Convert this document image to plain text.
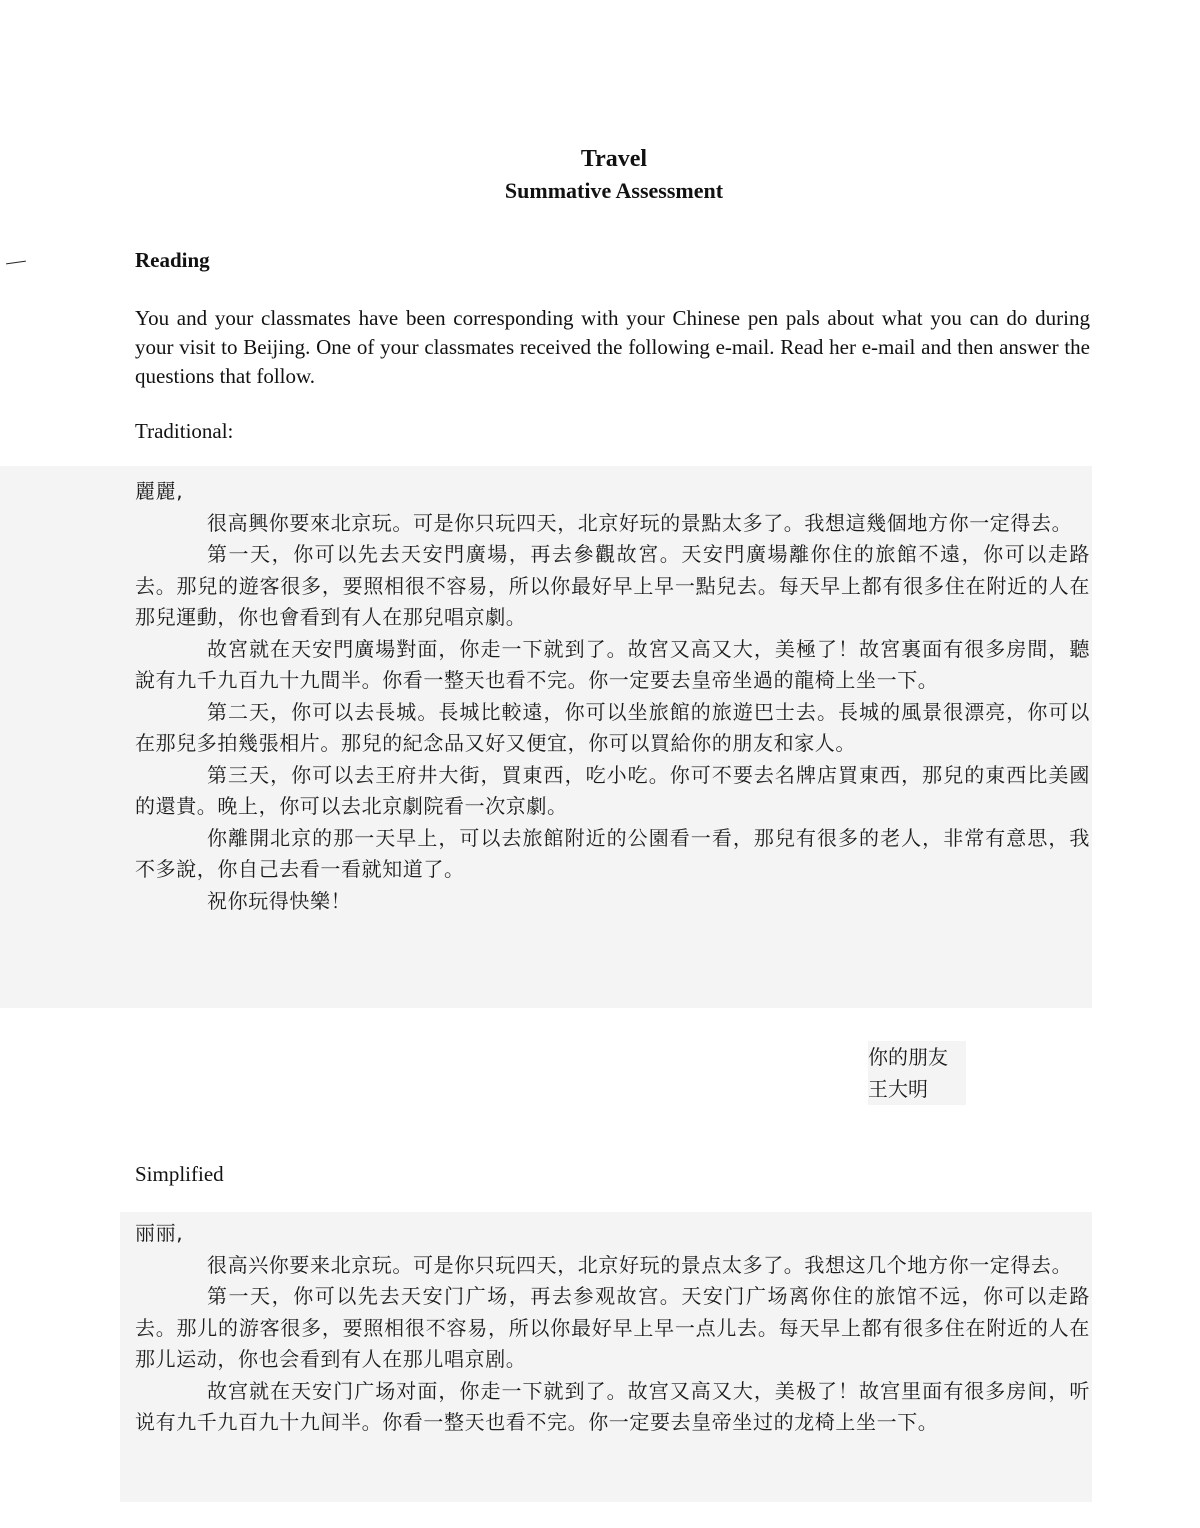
Travel
Summative Assessment
Reading
You and your classmates have been corresponding with your Chinese pen pals about what you can do during your visit to Beijing. One of your classmates received the following e-mail. Read her e-mail and then answer the questions that follow.
Traditional:

麗麗,

很高興你要來北京玩。可是你只玩四天，北京好玩的景點太多了。我想這幾個地方你一定得去。

第一天，你可以先去天安門廣場，再去參觀故宮。天安門廣場離你住的旅館不遠，你可以走路去。那兒的遊客很多，要照相很不容易，所以你最好早上早一點兒去。每天早上都有很多住在附近的人在那兒運動，你也會看到有人在那兒唱京劇。

故宮就在天安門廣場對面，你走一下就到了。故宮又高又大，美極了！故宮裏面有很多房間，聽說有九千九百九十九間半。你看一整天也看不完。你一定要去皇帝坐過的龍椅上坐一下。

第二天，你可以去長城。長城比較遠，你可以坐旅館的旅遊巴士去。長城的風景很漂亮，你可以在那兒多拍幾張相片。那兒的紀念品又好又便宜，你可以買給你的朋友和家人。

第三天，你可以去王府井大街，買東西，吃小吃。你可不要去名牌店買東西，那兒的東西比美國的還貴。晚上，你可以去北京劇院看一次京劇。

你離開北京的那一天早上，可以去旅館附近的公園看一看，那兒有很多的老人，非常有意思，我不多說，你自己去看一看就知道了。

祝你玩得快樂！

你的朋友
王大明
Simplified

丽丽,

很高兴你要来北京玩。可是你只玩四天，北京好玩的景点太多了。我想这几个地方你一定得去。

第一天，你可以先去天安门广场，再去参观故宫。天安门广场离你住的旅馆不远，你可以走路去。那儿的游客很多，要照相很不容易，所以你最好早上早一点儿去。每天早上都有很多住在附近的人在那儿运动，你也会看到有人在那儿唱京剧。

故宫就在天安门广场对面，你走一下就到了。故宫又高又大，美极了！故宫里面有很多房间，听说有九千九百九十九间半。你看一整天也看不完。你一定要去皇帝坐过的龙椅上坐一下。
